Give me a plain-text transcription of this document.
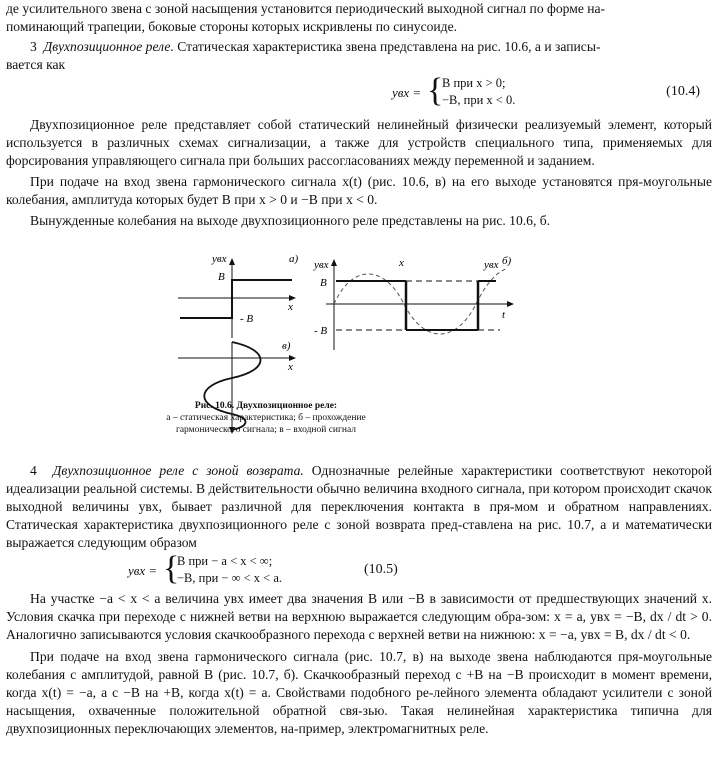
де усилительного звена с зоной насыщения установится периодический выходной сигнал по форме на-

поминающий трапеции, боковые стороны которых искривлены по синусоиде.

3 Двухпозиционное реле. Статическая характеристика звена представлена на рис. 10.6, а и записы-

вается как

yвх = {
B при x > 0;
−B, при x < 0.
(10.4)

Двухпозиционное реле представляет собой статический нелинейный физически реализуемый элемент, который используется в различных схемах сигнализации, а также для устройств специального типа, применяемых для форсирования управляющего сигнала при больших рассогласованиях между переменной и заданием.

При подаче на вход звена гармонического сигнала x(t) (рис. 10.6, в) на его выходе установятся пря-моугольные колебания, амплитуда которых будет B при x > 0 и −B при x < 0.

Вынужденные колебания на выходе двухпозиционного реле представлены на рис. 10.6, б.

yвх
B
- B
x
а)
x
в)
yвх
B
- B
x	yвх б)
t
Рис. 10.6. Двухпозиционное реле:
а – статическая характеристика; б – прохождение
гармонического сигнала; в – входной сигнал

4 Двухпозиционное реле с зоной возврата. Однозначные релейные характеристики соответствуют некоторой идеализации реальной системы. В действительности обычно величина входного сигнала, при котором происходит скачок выходной величины yвх, бывает различной для переключения контакта в пря-мом и обратном направлениях. Статическая характеристика двухпозиционного реле с зоной возврата пред-ставлена на рис. 10.7, а и математически выражается следующим образом

yвх = {
B при − a < x < ∞;
−B, при − ∞ < x < a.
(10.5)

На участке −a < x < a величина yвх имеет два значения B или −B в зависимости от предшествующих значений x. Условия скачка при переходе с нижней ветви на верхнюю выражается следующим обра-зом: x = a, yвх = −B, dx / dt > 0. Аналогично записываются условия скачкообразного перехода с верхней ветви на нижнюю: x = −a, yвх = B, dx / dt < 0.

При подаче на вход звена гармонического сигнала (рис. 10.7, в) на выходе звена наблюдаются пря-моугольные колебания с амплитудой, равной B (рис. 10.7, б). Скачкообразный переход с +B на −B происходит в момент времени, когда x(t) = −a, а с −B на +B, когда x(t) = a. Свойствами подобного ре-лейного элемента обладают усилители с зоной насыщения, охваченные положительной обратной свя-зью. Такая нелинейная характеристика типична для двухпозиционных переключающих элементов, на-пример, электромагнитных реле.
